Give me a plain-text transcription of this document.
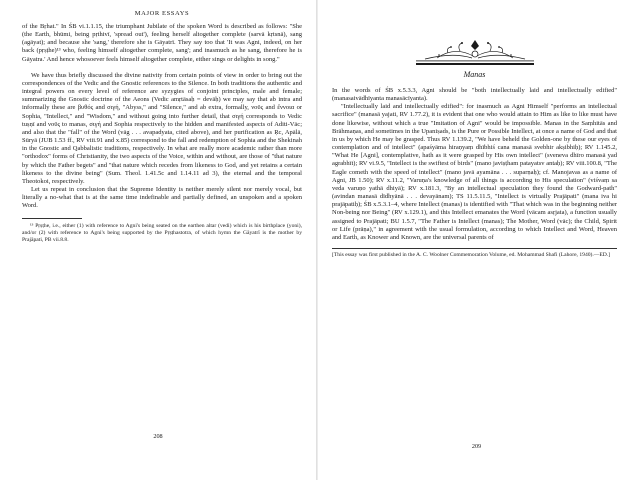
MAJOR ESSAYS

of the Bṛhat." In ŚB vi.1.1.15, the triumphant Jubilate of the spoken Word is described as follows: "She (the Earth, bhūmi, being pṛthivī, 'spread out'), feeling herself altogether complete (sarvā kṛtsnā), sang (agāyat); and because she 'sang,' therefore she is Gāyatrī. They say too that 'It was Agni, indeed, on her back (pṛṣṭhe)¹³ who, feeling himself altogether complete, sang'; and inasmuch as he sang, therefore he is Gāyatra.' And hence whosoever feels himself altogether complete, either sings or delights in song."

We have thus briefly discussed the divine nativity from certain points of view in order to bring out the correspondences of the Vedic and the Gnostic references to the Silence. In both traditions the authentic and integral powers on every level of reference are syzygies of conjoint principles, male and female; summarizing the Gnostic doctrine of the Aeons (Vedic amṛtāsaḥ = devāḥ) we may say that ab intra and informally these are βυθός and σιγή, "Abyss," and "Silence," and ab extra, formally, νοῦς and ἔννοια or Sophia, "Intellect," and "Wisdom," and without going into further detail, that σιγή corresponds to Vedic tuṣṇī and νοῦς to manas, σιγή and Sophia respectively to the hidden and manifested aspects of Aditi-Vāc; and also that the "fall" of the Word (vāg . . . avapadyata, cited above), and her purification as Ṛc, Apālā, Sūryā (JUB 1.53 ff., RV viii.91 and x.85) correspond to the fall and redemption of Sophia and the Shekinah in the Gnostic and Qabbalistic traditions, respectively. In what are really more academic rather than more "orthodox" forms of Christianity, the two aspects of the Voice, within and without, are those of "that nature by which the Father begets" and "that nature which recedes from likeness to God, and yet retains a certain likeness to the divine being" (Sum. Theol. 1.41.5c and 1.14.11 ad 3), the eternal and the temporal Theotokoi, respectively.

Let us repeat in conclusion that the Supreme Identity is neither merely silent nor merely vocal, but literally a no-what that is at the same time indefinable and partially defined, an unspoken and a spoken Word.

¹³ Pṛṣṭhe, i.e., either (1) with reference to Agni's being seated on the earthen altar (vedi) which is his birthplace (yoni), and/or (2) with reference to Agni's being supported by the Pṛṣṭhastotra, of which hymn the Gāyatrī is the mother by Prajāpati, PB vii.8.8.

208
Manas

In the words of ŚB x.5.3.3, Agni should be "both intellectually laid and intellectually edified" (manasaivādhīyanta manasācīyanta).

"Intellectually laid and intellectually edified": for inasmuch as Agni Himself "performs an intellectual sacrifice" (manasā yajati, RV 1.77.2), it is evident that one who would attain to Him as like to like must have done likewise, without which a true "Imitation of Agni" would be impossible. Manas in the Saṃhitās and Brāhmaṇas, and sometimes in the Upaniṣads, is the Pure or Possible Intellect, at once a name of God and that in us by which He may be grasped. Thus RV 1.139.2, "We have beheld the Golden-one by these our eyes of contemplation and of intellect" (apaśyāma hiraṇyaṃ dhībhiś cana manasā svebhir akṣibhiḥ); RV 1.145.2, "What He [Agni], contemplative, hath as it were grasped by His own intellect" (sveneva dhīro manasā yad agrabhīt); RV vi.9.5, "Intellect is the swiftest of birds" (mano javiṣṭham patayatsv antaḥ); RV viii.100.8, "The Eagle cometh with the speed of intellect" (mano javā ayamāna . . . suparṇaḥ); cf. Manojavas as a name of Agni, JB 1.50); RV x.11.2, "Varuṇa's knowledge of all things is according to His speculation" (viśvaṃ sa veda varuṇo yathā dhiyā); RV x.181.3, "By an intellectual speculation they found the Godward-path" (avindan manasā dīdhyānā . . . devayānam); TS 11.5.11.5, "Intellect is virtually Prajāpati" (mana iva hi prajāpatiḥ); ŚB x.5.3.1–4, where Intellect (manas) is identified with "That which was in the beginning neither Non-being nor Being" (RV x.129.1), and this Intellect emanates the Word (vācam asṛjata), a function usually assigned to Prajāpati; BU 1.5.7, "The Father is Intellect (manas); The Mother, Word (vāc); the Child, Spirit or Life (prāṇa)," in agreement with the usual formulation, according to which Intellect and Word, Heaven and Earth, as Knower and Known, are the universal parents of

[This essay was first published in the A. C. Woolner Commemoration Volume, ed. Mohammad Shafi (Lahore, 1940).—ED.]
209
